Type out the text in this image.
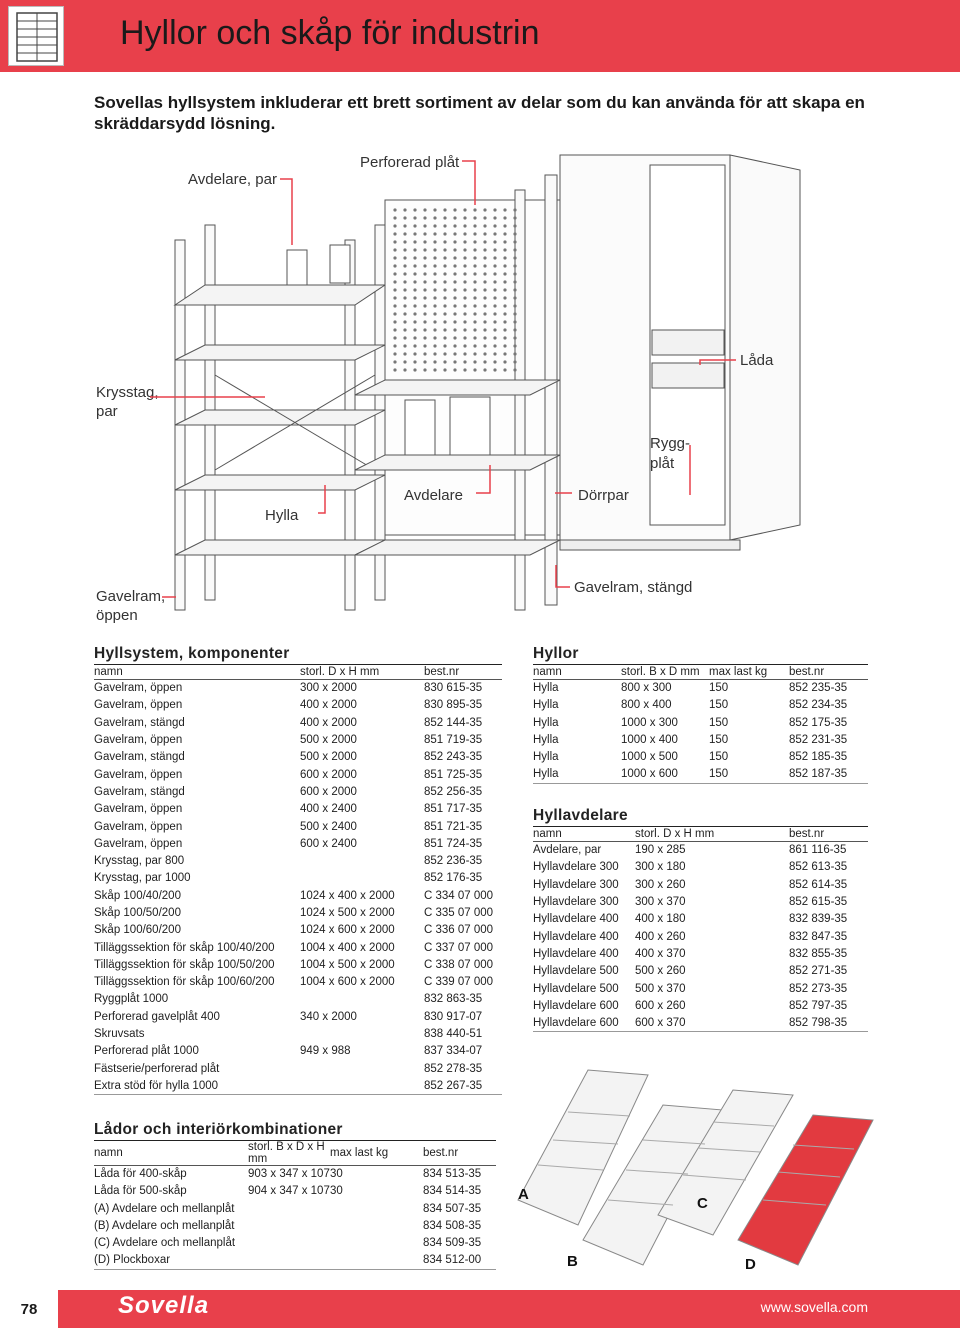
Hyllor och skåp för industrin
Sovellas hyllsystem inkluderar ett brett sortiment av delar som du kan använda för att skapa en skräddarsydd lösning.
Avdelare, par
Perforerad plåt
Låda
Krysstag,
par
Rygg-
plåt
Avdelare	Dörrpar
Hylla
Gavelram,
öppen
Gavelram, stängd
Hyllsystem, komponenter
namn	storl. D x H mm	best.nr
Gavelram, öppen	300 x 2000	830 615-35
Gavelram, öppen	400 x 2000	830 895-35
Gavelram, stängd	400 x 2000	852 144-35
Gavelram, öppen	500 x 2000	851 719-35
Gavelram, stängd	500 x 2000	852 243-35
Gavelram, öppen	600 x 2000	851 725-35
Gavelram, stängd	600 x 2000	852 256-35
Gavelram, öppen	400 x 2400	851 717-35
Gavelram, öppen	500 x 2400	851 721-35
Gavelram, öppen	600 x 2400	851 724-35
Krysstag, par 800		852 236-35
Krysstag, par 1000		852 176-35
Skåp 100/40/200	1024 x 400 x 2000	C 334 07 000
Skåp 100/50/200	1024 x 500 x 2000	C 335 07 000
Skåp 100/60/200	1024 x 600 x 2000	C 336 07 000
Tilläggssektion för skåp 100/40/200	1004 x 400 x 2000	C 337 07 000
Tilläggssektion för skåp 100/50/200	1004 x 500 x 2000	C 338 07 000
Tilläggssektion för skåp 100/60/200	1004 x 600 x 2000	C 339 07 000
Ryggplåt 1000		832 863-35
Perforerad gavelplåt 400	340 x 2000	830 917-07
Skruvsats		838 440-51
Perforerad plåt 1000	949 x 988	837 334-07
Fästserie/perforerad plåt		852 278-35
Extra stöd för hylla 1000		852 267-35
Hyllor
namn	storl. B x D mm	max last kg	best.nr
Hylla	800 x 300	150	852 235-35
Hylla	800 x 400	150	852 234-35
Hylla	1000 x 300	150	852 175-35
Hylla	1000 x 400	150	852 231-35
Hylla	1000 x 500	150	852 185-35
Hylla	1000 x 600	150	852 187-35
Hyllavdelare
namn	storl. D x H mm		best.nr
Avdelare, par	190 x 285		861 116-35
Hyllavdelare 300	300 x 180		852 613-35
Hyllavdelare 300	300 x 260		852 614-35
Hyllavdelare 300	300 x 370		852 615-35
Hyllavdelare 400	400 x 180		832 839-35
Hyllavdelare 400	400 x 260		832 847-35
Hyllavdelare 400	400 x 370		832 855-35
Hyllavdelare 500	500 x 260		852 271-35
Hyllavdelare 500	500 x 370		852 273-35
Hyllavdelare 600	600 x 260		852 797-35
Hyllavdelare 600	600 x 370		852 798-35
Lådor och interiörkombinationer
namn	storl. B x D x H mm	max last kg	best.nr
Låda för 400-skåp	903 x 347 x 107	30	834 513-35
Låda för 500-skåp	904 x 347 x 107	30	834 514-35
(A) Avdelare och mellanplåt			834 507-35
(B) Avdelare och mellanplåt			834 508-35
(C) Avdelare och mellanplåt			834 509-35
(D) Plockboxar			834 512-00
A
B
C
D
78	Sovella	www.sovella.com
